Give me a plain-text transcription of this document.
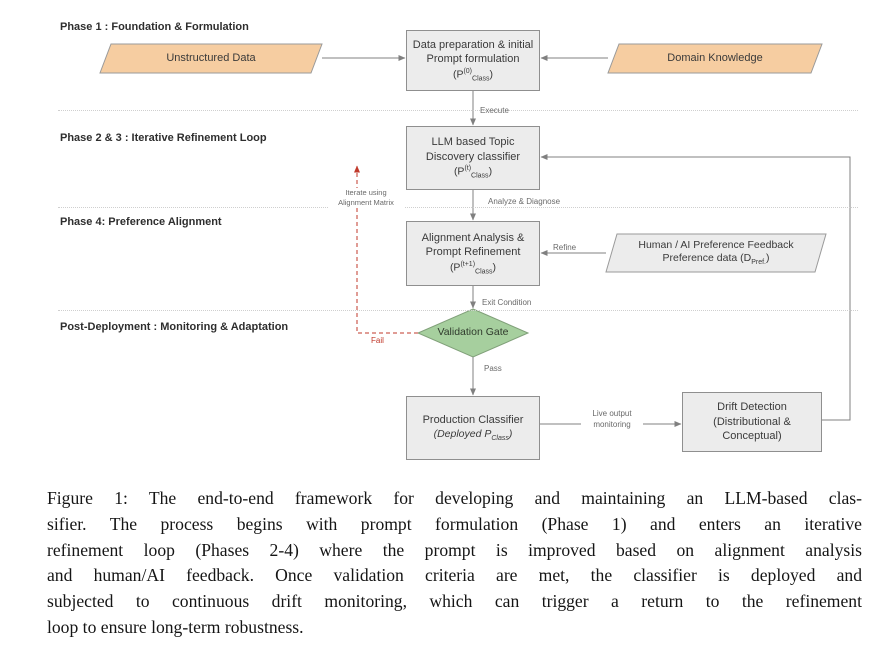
Phase 1 : Foundation & Formulation
Phase 2 & 3 : Iterative Refinement Loop
Phase 4: Preference Alignment
Post-Deployment : Monitoring & Adaptation
Data preparation & initial
Prompt formulation
$(P^{(0)}_{Class})$
LLM based Topic
Discovery classifier
$(P^{(t)}_{Class})$
Alignment Analysis &
Prompt Refinement
$(P^{(t+1)}_{Class})$
Production Classifier
(Deployed $P_{Class}$)
Drift Detection
(Distributional &
Conceptual)
Unstructured Data	Domain Knowledge
Human / AI Preference Feedback
Preference data $(D_{Pref.})$
Validation Gate
Execute
Analyze & Diagnose
Refine
Exit Condition
Pass
Fail
Iterate using
Alignment Matrix
Live output
monitoring
Figure 1: The end-to-end framework for developing and maintaining an LLM-based clas-
sifier. The process begins with prompt formulation (Phase 1) and enters an iterative
refinement loop (Phases 2-4) where the prompt is improved based on alignment analysis
and human/AI feedback. Once validation criteria are met, the classifier is deployed and
subjected to continuous drift monitoring, which can trigger a return to the refinement
loop to ensure long-term robustness.
